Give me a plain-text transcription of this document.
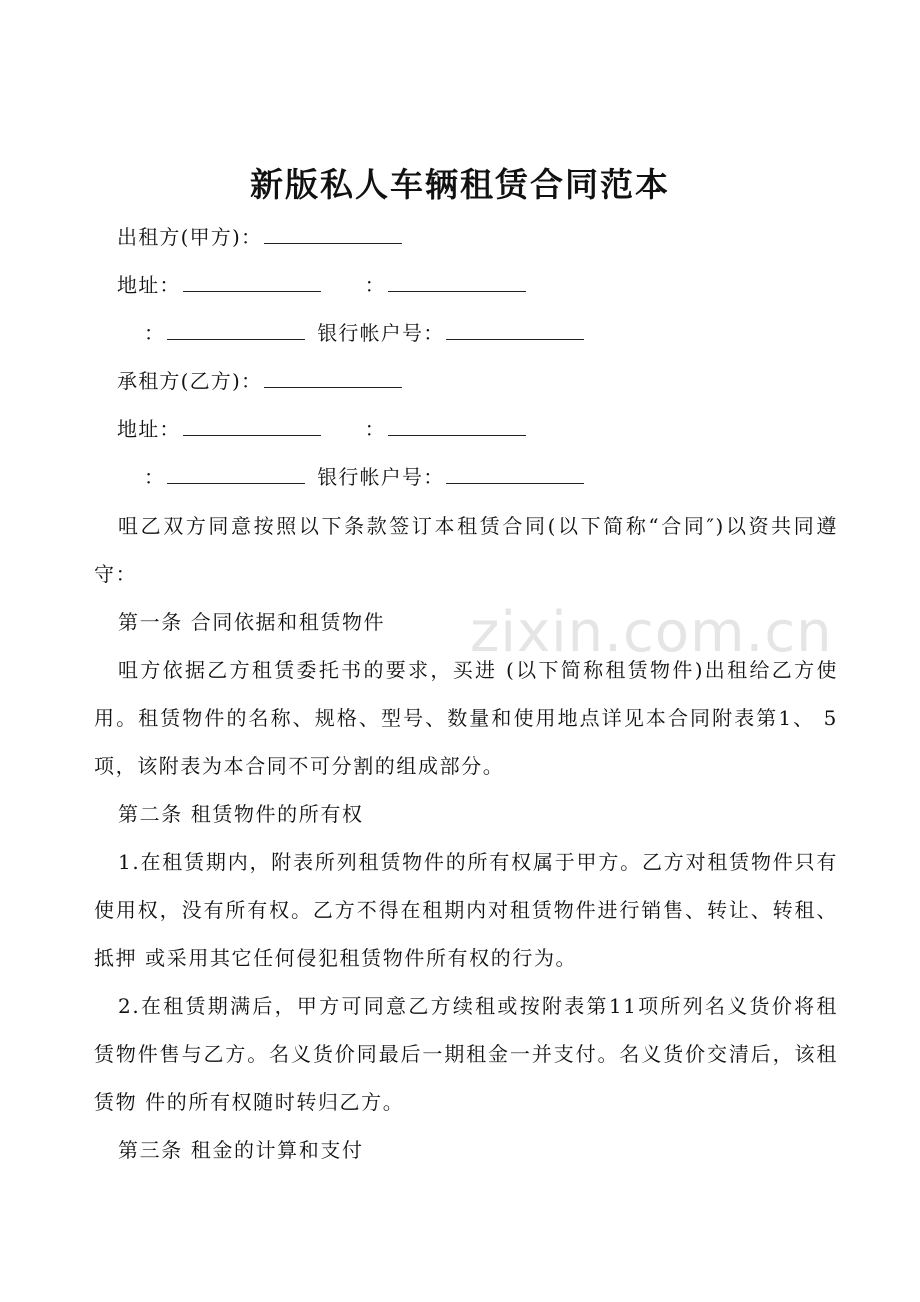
新版私人车辆租赁合同范本
出租方(甲方)：
地址：	：
：	银行帐户号：
承租方(乙方)：
地址：	：
：	银行帐户号：
咀乙双方同意按照以下条款签订本租赁合同(以下简称“合同″)以资共同遵守：
第一条 合同依据和租赁物件
咀方依据乙方租赁委托书的要求，买进 (以下简称租赁物件)出租给乙方使用。租赁物件的名称、规格、型号、数量和使用地点详见本合同附表第1、 5项，该附表为本合同不可分割的组成部分。
第二条 租赁物件的所有权
1.在租赁期内，附表所列租赁物件的所有权属于甲方。乙方对租赁物件只有使用权，没有所有权。乙方不得在租期内对租赁物件进行销售、转让、转租、抵押 或采用其它任何侵犯租赁物件所有权的行为。
2.在租赁期满后，甲方可同意乙方续租或按附表第11项所列名义货价将租赁物件售与乙方。名义货价同最后一期租金一并支付。名义货价交清后，该租赁物 件的所有权随时转归乙方。
第三条 租金的计算和支付
zixin.com.cn
